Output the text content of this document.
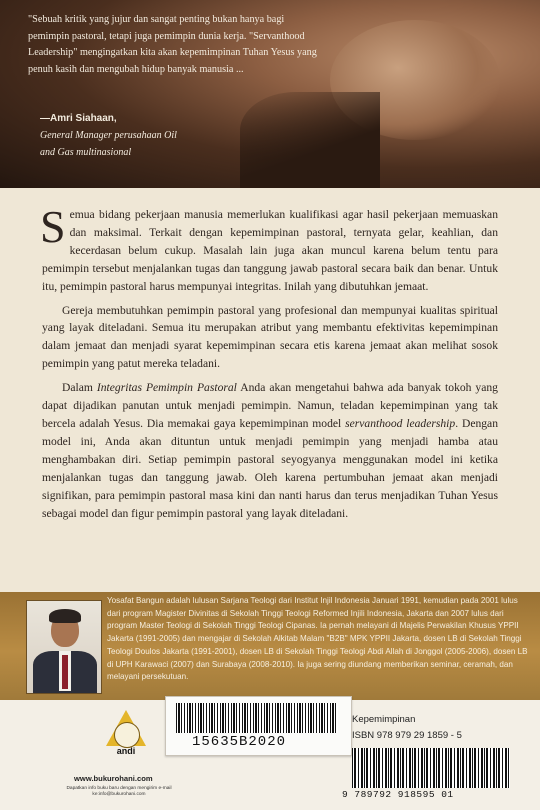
"Sebuah kritik yang jujur dan sangat penting bukan hanya bagi pemimpin pastoral, tetapi juga pemimpin dunia kerja. "Servanthood Leadership" mengingatkan kita akan kepemimpinan Tuhan Yesus yang penuh kasih dan mengubah hidup banyak manusia ...
—Amri Siahaan,
General Manager perusahaan Oil
and Gas multinasional

Semua bidang pekerjaan manusia memerlukan kualifikasi agar hasil pekerjaan memuaskan dan maksimal. Terkait dengan kepemimpinan pastoral, ternyata gelar, keahlian, dan kecerdasan belum cukup. Masalah lain juga akan muncul karena belum tentu para pemimpin tersebut menjalankan tugas dan tanggung jawab pastoral secara baik dan benar. Untuk itu, pemimpin pastoral harus mempunyai integritas. Inilah yang dibutuhkan jemaat.

Gereja membutuhkan pemimpin pastoral yang profesional dan mempunyai kualitas spiritual yang layak diteladani. Semua itu merupakan atribut yang membantu efektivitas kepemimpinan dalam jemaat dan menjadi syarat kepemimpinan secara etis karena jemaat akan melihat sosok pemimpin yang patut mereka teladani.

Dalam Integritas Pemimpin Pastoral Anda akan mengetahui bahwa ada banyak tokoh yang dapat dijadikan panutan untuk menjadi pemimpin. Namun, teladan kepemimpinan yang tak bercela adalah Yesus. Dia memakai gaya kepemimpinan model servanthood leadership. Dengan model ini, Anda akan dituntun untuk menjadi pemimpin yang menjadi hamba atau menghambakan diri. Setiap pemimpin pastoral seyogyanya menggunakan model ini ketika menjalankan tugas dan tanggung jawab. Oleh karena pertumbuhan jemaat akan menjadi signifikan, para pemimpin pastoral masa kini dan nanti harus dan terus menjadikan Tuhan Yesus sebagai model dan figur pemimpin pastoral yang layak diteladani.

Yosafat Bangun adalah lulusan Sarjana Teologi dari Institut Injil Indonesia Januari 1991, kemudian pada 2001 lulus dari program Magister Divinitas di Sekolah Tinggi Teologi Reformed Injili Indonesia, Jakarta dan 2007 lulus dari program Master Teologi di Sekolah Tinggi Teologi Cipanas. Ia pernah melayani di Majelis Perwakilan Khusus YPPII Jakarta (1991-2005) dan mengajar di Sekolah Alkitab Malam "B2B" MPK YPPII Jakarta, dosen LB di Sekolah Tinggi Teologi Doulos Jakarta (1991-2001), dosen LB di Sekolah Tinggi Teologi Abdi Allah di Jonggol (2005-2006), dosen LB di UPH Karawaci (2007) dan Surabaya (2008-2010). Ia juga sering diundang memberikan seminar, ceramah, dan melayani persekutuan.
andi
www.bukurohani.com
Dapatkan info buku baru dengan mengirim e-mail ke:info@bukurohani.com
15635B2020
Kepemimpinan
ISBN 978 979 29 1859 - 5
9 789792 918595 01
